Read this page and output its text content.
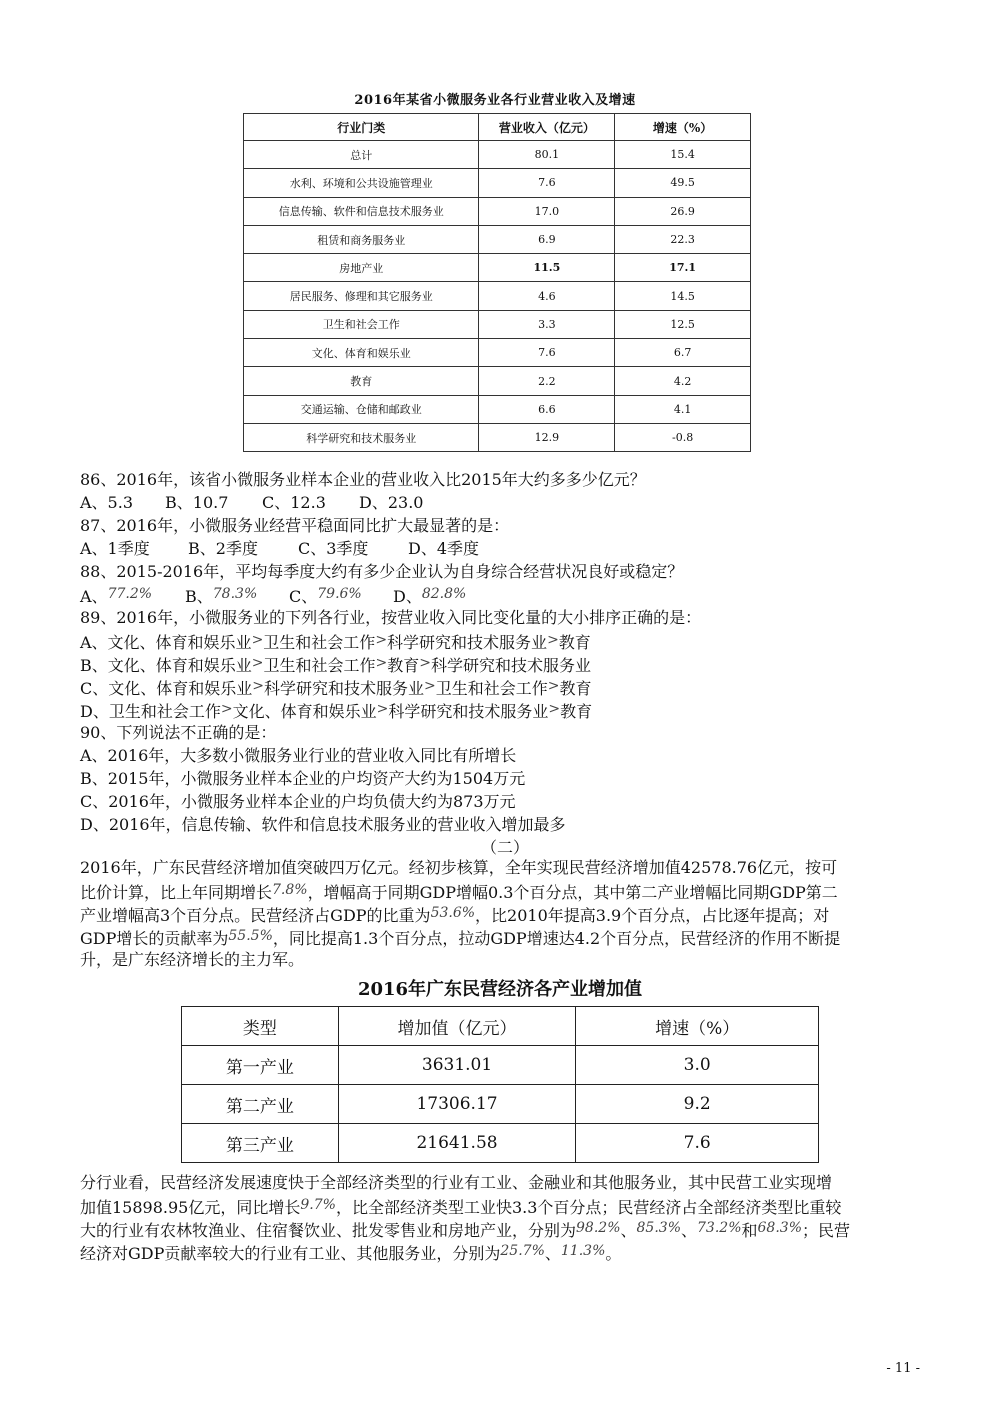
2016年某省小微服务业各行业营业收入及增速
行业门类	营业收入（亿元）	增速（%）
总计	80.1	15.4
水利、环境和公共设施管理业	7.6	49.5
信息传输、软件和信息技术服务业	17.0	26.9
租赁和商务服务业	6.9	22.3
房地产业	11.5	17.1
居民服务、修理和其它服务业	4.6	14.5
卫生和社会工作	3.3	12.5
文化、体育和娱乐业	7.6	6.7
教育	2.2	4.2
交通运输、仓储和邮政业	6.6	4.1
科学研究和技术服务业	12.9	-0.8
86、2016年，该省小微服务业样本企业的营业收入比2015年大约多多少亿元？
A、5.3 B、10.7 C、12.3 D、23.0
87、2016年，小微服务业经营平稳面同比扩大最显著的是：
A、1季度 B、2季度	C、3季度 D、4季度
88、2015-2016年，平均每季度大约有多少企业认为自身综合经营状况良好或稳定？
A、77.2% B、78.3% C、79.6% D、82.8%
89、2016年，小微服务业的下列各行业，按营业收入同比变化量的大小排序正确的是：
A、文化、体育和娱乐业>卫生和社会工作>科学研究和技术服务业>教育
B、文化、体育和娱乐业>卫生和社会工作>教育>科学研究和技术服务业
C、文化、体育和娱乐业>科学研究和技术服务业>卫生和社会工作>教育
D、卫生和社会工作>文化、体育和娱乐业>科学研究和技术服务业>教育
90、下列说法不正确的是：
A、2016年，大多数小微服务业行业的营业收入同比有所增长
B、2015年，小微服务业样本企业的户均资产大约为1504万元
C、2016年，小微服务业样本企业的户均负债大约为873万元
D、2016年，信息传输、软件和信息技术服务业的营业收入增加最多
（二）
2016年，广东民营经济增加值突破四万亿元。经初步核算，全年实现民营经济增加值42578.76亿元，按可
比价计算，比上年同期增长7.8%，增幅高于同期GDP增幅0.3个百分点，其中第二产业增幅比同期GDP第二
产业增幅高3个百分点。民营经济占GDP的比重为53.6%，比2010年提高3.9个百分点，占比逐年提高；对
GDP增长的贡献率为55.5%，同比提高1.3个百分点，拉动GDP增速达4.2个百分点，民营经济的作用不断提
升，是广东经济增长的主力军。
2016年广东民营经济各产业增加值
类型	增加值（亿元）	增速（%）
第一产业	3631.01	3.0
第二产业	17306.17	9.2
第三产业	21641.58	7.6
分行业看，民营经济发展速度快于全部经济类型的行业有工业、金融业和其他服务业，其中民营工业实现增
加值15898.95亿元，同比增长9.7%，比全部经济类型工业快3.3个百分点；民营经济占全部经济类型比重较
大的行业有农林牧渔业、住宿餐饮业、批发零售业和房地产业，分别为98.2%、85.3%、73.2%和68.3%；民营
经济对GDP贡献率较大的行业有工业、其他服务业，分别为25.7%、11.3%。
- 11 -
